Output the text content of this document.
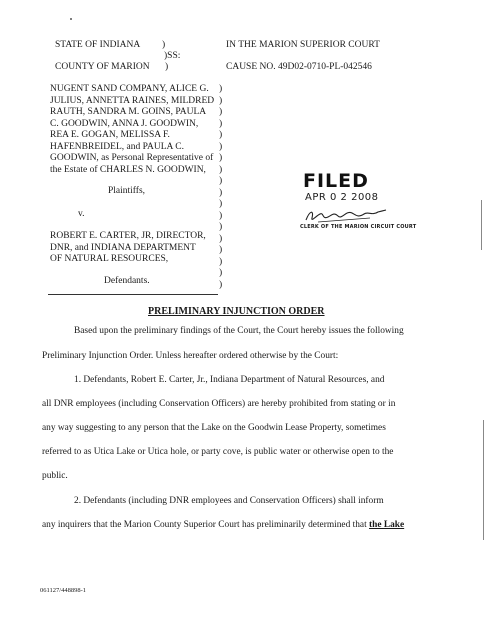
STATE OF INDIANA )
)SS:
COUNTY OF MARION )
IN THE MARION SUPERIOR COURT
CAUSE NO. 49D02-0710-PL-042546
NUGENT SAND COMPANY, ALICE G.
JULIUS, ANNETTA RAINES, MILDRED
RAUTH, SANDRA M. GOINS, PAULA
C. GOODWIN, ANNA J. GOODWIN,
REA E. GOGAN, MELISSA F.
HAFENBREIDEL, and PAULA C.
GOODWIN, as Personal Representative of
the Estate of CHARLES N. GOODWIN,
)
)
)
)
)
)
)
)
)
)
)
)
)
)
)
)
)
)
Plaintiffs,
v.
ROBERT E. CARTER, JR, DIRECTOR,
DNR, and INDIANA DEPARTMENT
OF NATURAL RESOURCES,
Defendants.
FILED
APR 0 2 2008
CLERK OF THE MARION CIRCUIT COURT
PRELIMINARY INJUNCTION ORDER
Based upon the preliminary findings of the Court, the Court hereby issues the following
Preliminary Injunction Order. Unless hereafter ordered otherwise by the Court:
1. Defendants, Robert E. Carter, Jr., Indiana Department of Natural Resources, and
all DNR employees (including Conservation Officers) are hereby prohibited from stating or in
any way suggesting to any person that the Lake on the Goodwin Lease Property, sometimes
referred to as Utica Lake or Utica hole, or party cove, is public water or otherwise open to the
public.
2. Defendants (including DNR employees and Conservation Officers) shall inform
any inquirers that the Marion County Superior Court has preliminarily determined that the Lake
061127/448898-1
